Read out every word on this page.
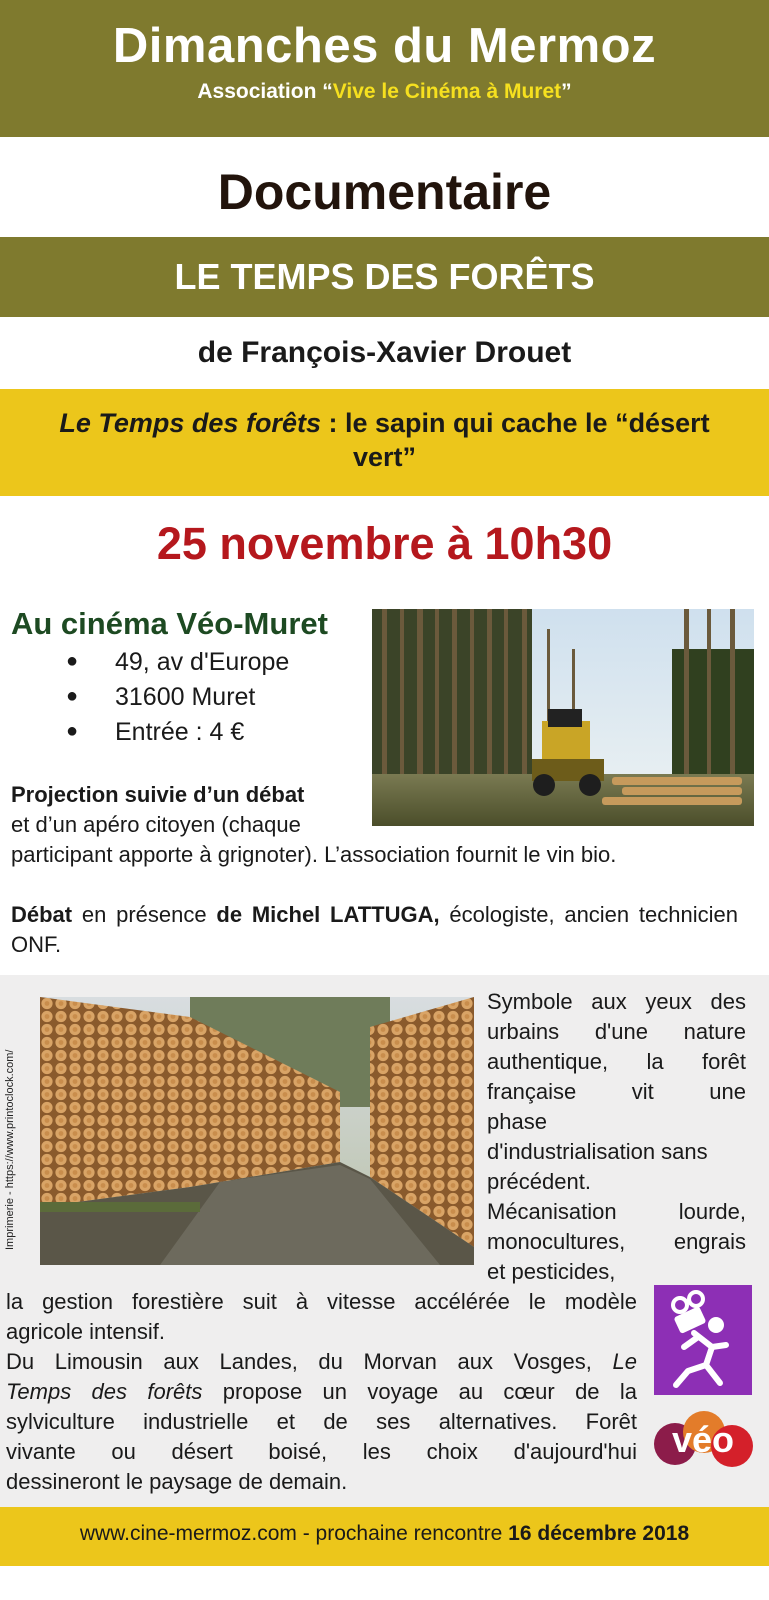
Dimanches du Mermoz
Association “Vive le Cinéma à Muret”
Documentaire
LE TEMPS DES FORÊTS
de François-Xavier Drouet
Le Temps des forêts : le sapin qui cache le “désert vert”
25 novembre à 10h30
Au cinéma Véo-Muret
● 49, av d'Europe
● 31600 Muret
● Entrée : 4 €
Projection suivie d’un débat
et d’un apéro citoyen (chaque
participant apporte à grignoter). L’association fournit le vin bio.
Débat en présence de Michel LATTUGA, écologiste, ancien technicien ONF.
Imprimerie - https://www.printoclock.com/
Symbole aux yeux des
urbains d'une nature
authentique, la forêt
française vit une
phase
d'industrialisation sans
précédent.
Mécanisation lourde,
monocultures, engrais
et pesticides,
la gestion forestière suit à vitesse accélérée le modèle
agricole intensif.
Du Limousin aux Landes, du Morvan aux Vosges, Le
Temps des forêts propose un voyage au cœur de la
sylviculture industrielle et de ses alternatives. Forêt
vivante ou désert boisé, les choix d'aujourd'hui
dessineront le paysage de demain.
véo
www.cine-mermoz.com - prochaine rencontre 16 décembre 2018
